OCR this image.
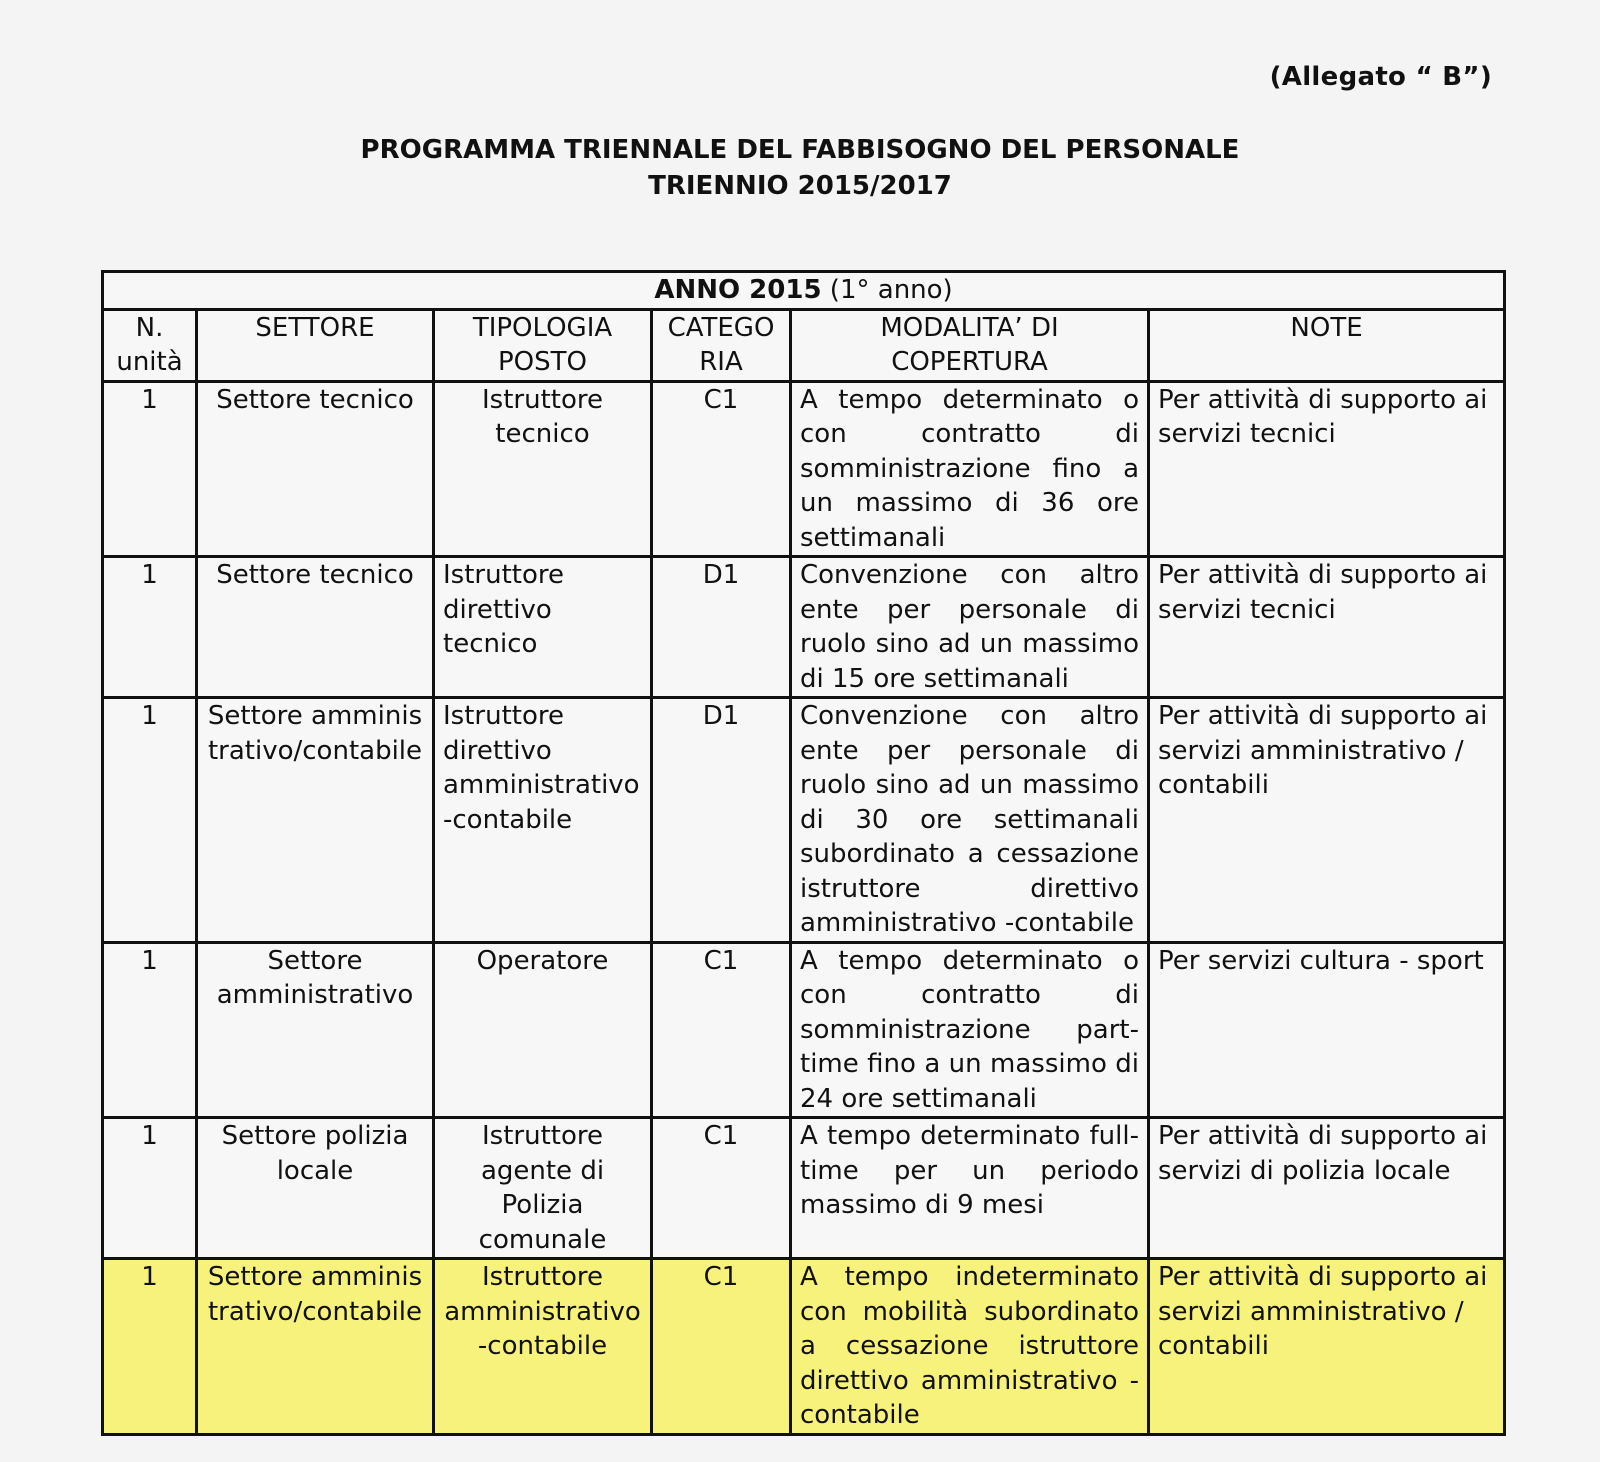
(Allegato “ B”)
PROGRAMMA TRIENNALE DEL FABBISOGNO DEL PERSONALE
TRIENNIO 2015/2017
ANNO 2015 (1° anno)					
N. unità	SETTORE	TIPOLOGIA POSTO	CATEGO RIA	MODALITA’ DI COPERTURA	NOTE
1	Settore tecnico	Istruttore tecnico	C1	A tempo determinato o con contratto di somministrazione fino a un massimo di 36 ore settimanali	Per attività di supporto ai servizi tecnici
1	Settore tecnico	Istruttore direttivo tecnico	D1	Convenzione con altro ente per personale di ruolo sino ad un massimo di 15 ore settimanali	Per attività di supporto ai servizi tecnici
1	Settore amministrativo/contabile	Istruttore direttivo amministrativo -contabile	D1	Convenzione con altro ente per personale di ruolo sino ad un massimo di 30 ore settimanali subordinato a cessazione istruttore direttivo amministrativo -contabile	Per attività di supporto ai servizi amministrativo / contabili
1	Settore amministrativo	Operatore	C1	A tempo determinato o con contratto di somministrazione part-time fino a un massimo di 24 ore settimanali	Per servizi cultura - sport
1	Settore polizia locale	Istruttore agente di Polizia comunale	C1	A tempo determinato full-time per un periodo massimo di 9 mesi	Per attività di supporto ai servizi di polizia locale
1	Settore amministrativo/contabile	Istruttore amministrativo -contabile	C1	A tempo indeterminato con mobilità subordinato a cessazione istruttore direttivo amministrativo -contabile	Per attività di supporto ai servizi amministrativo / contabili
